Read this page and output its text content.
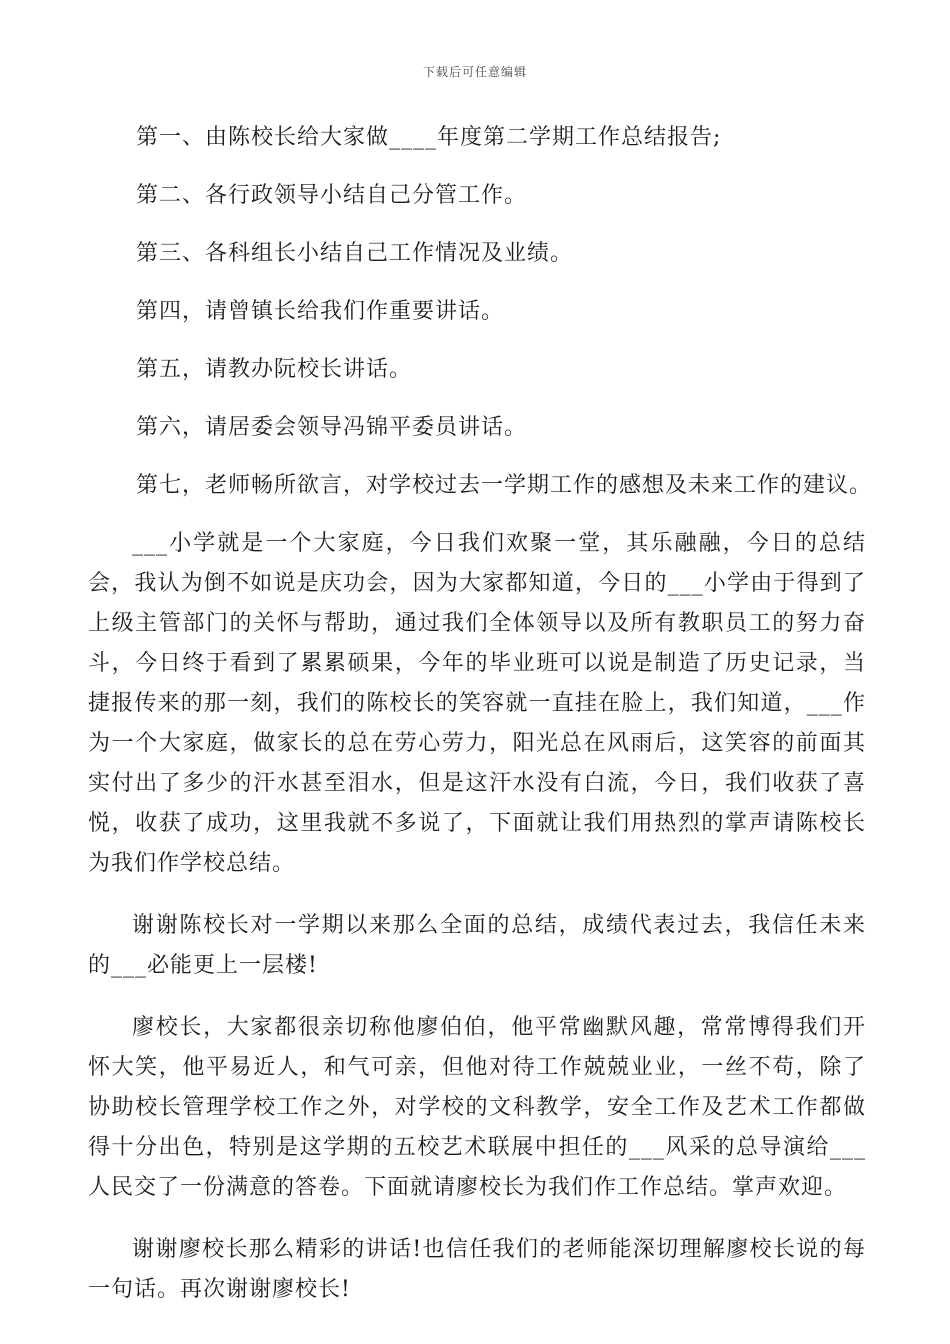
下载后可任意编辑

第一、由陈校长给大家做____年度第二学期工作总结报告;

第二、各行政领导小结自己分管工作。

第三、各科组长小结自己工作情况及业绩。

第四，请曾镇长给我们作重要讲话。

第五，请教办阮校长讲话。

第六，请居委会领导冯锦平委员讲话。

第七，老师畅所欲言，对学校过去一学期工作的感想及未来工作的建议。

___小学就是一个大家庭，今日我们欢聚一堂，其乐融融，今日的总结会，我认为倒不如说是庆功会，因为大家都知道，今日的___小学由于得到了上级主管部门的关怀与帮助，通过我们全体领导以及所有教职员工的努力奋斗，今日终于看到了累累硕果，今年的毕业班可以说是制造了历史记录，当捷报传来的那一刻，我们的陈校长的笑容就一直挂在脸上，我们知道，___作为一个大家庭，做家长的总在劳心劳力，阳光总在风雨后，这笑容的前面其实付出了多少的汗水甚至泪水，但是这汗水没有白流，今日，我们收获了喜悦，收获了成功，这里我就不多说了，下面就让我们用热烈的掌声请陈校长为我们作学校总结。

谢谢陈校长对一学期以来那么全面的总结，成绩代表过去，我信任未来的___必能更上一层楼!

廖校长，大家都很亲切称他廖伯伯，他平常幽默风趣，常常博得我们开怀大笑，他平易近人，和气可亲，但他对待工作兢兢业业，一丝不苟，除了协助校长管理学校工作之外，对学校的文科教学，安全工作及艺术工作都做得十分出色，特别是这学期的五校艺术联展中担任的___风采的总导演给___人民交了一份满意的答卷。下面就请廖校长为我们作工作总结。掌声欢迎。

谢谢廖校长那么精彩的讲话!也信任我们的老师能深切理解廖校长说的每一句话。再次谢谢廖校长!
